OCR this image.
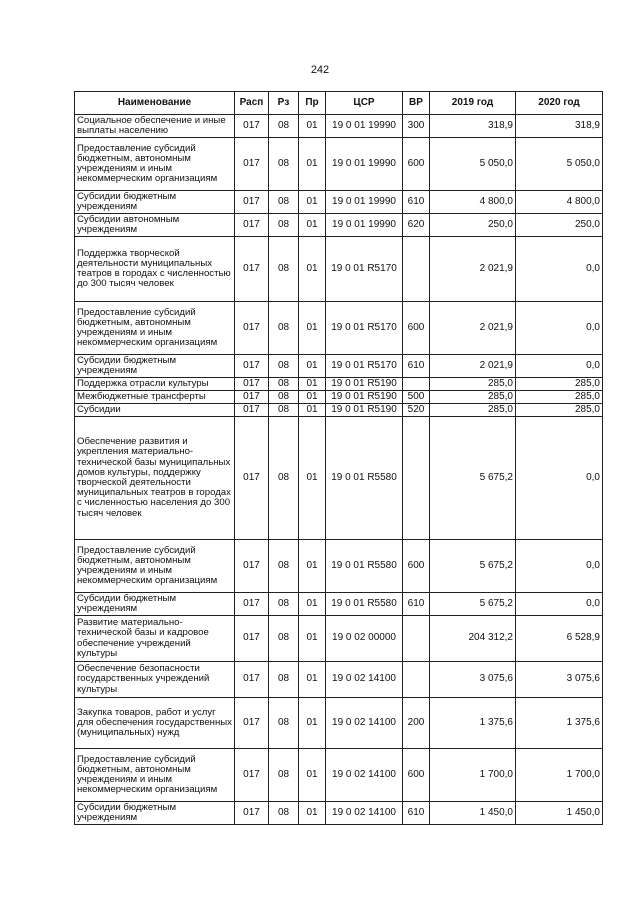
242
Наименование	Расп	Рз	Пр	ЦСР	ВР	2019 год	2020 год
Социальное обеспечение и иные выплаты населению	017	08	01	19 0 01 19990	300	318,9	318,9
Предоставление субсидий бюджетным, автономным учреждениям и иным некоммерческим организациям	017	08	01	19 0 01 19990	600	5 050,0	5 050,0
Субсидии бюджетным учреждениям	017	08	01	19 0 01 19990	610	4 800,0	4 800,0
Субсидии автономным учреждениям	017	08	01	19 0 01 19990	620	250,0	250,0
Поддержка творческой деятельности муниципальных театров в городах с численностью до 300 тысяч человек	017	08	01	19 0 01 R5170		2 021,9	0,0
Предоставление субсидий бюджетным, автономным учреждениям и иным некоммерческим организациям	017	08	01	19 0 01 R5170	600	2 021,9	0,0
Субсидии бюджетным учреждениям	017	08	01	19 0 01 R5170	610	2 021,9	0,0
Поддержка отрасли культуры	017	08	01	19 0 01 R5190		285,0	285,0
Межбюджетные трансферты	017	08	01	19 0 01 R5190	500	285,0	285,0
Субсидии	017	08	01	19 0 01 R5190	520	285,0	285,0
Обеспечение развития и укрепления материально-технической базы муниципальных домов культуры, поддержку творческой деятельности муниципальных театров в городах с численностью населения до 300 тысяч человек	017	08	01	19 0 01 R5580		5 675,2	0,0
Предоставление субсидий бюджетным, автономным учреждениям и иным некоммерческим организациям	017	08	01	19 0 01 R5580	600	5 675,2	0,0
Субсидии бюджетным учреждениям	017	08	01	19 0 01 R5580	610	5 675,2	0,0
Развитие материально-технической базы и кадровое обеспечение учреждений культуры	017	08	01	19 0 02 00000		204 312,2	6 528,9
Обеспечение безопасности государственных учреждений культуры	017	08	01	19 0 02 14100		3 075,6	3 075,6
Закупка товаров, работ и услуг для обеспечения государственных (муниципальных) нужд	017	08	01	19 0 02 14100	200	1 375,6	1 375,6
Предоставление субсидий бюджетным, автономным учреждениям и иным некоммерческим организациям	017	08	01	19 0 02 14100	600	1 700,0	1 700,0
Субсидии бюджетным учреждениям	017	08	01	19 0 02 14100	610	1 450,0	1 450,0
